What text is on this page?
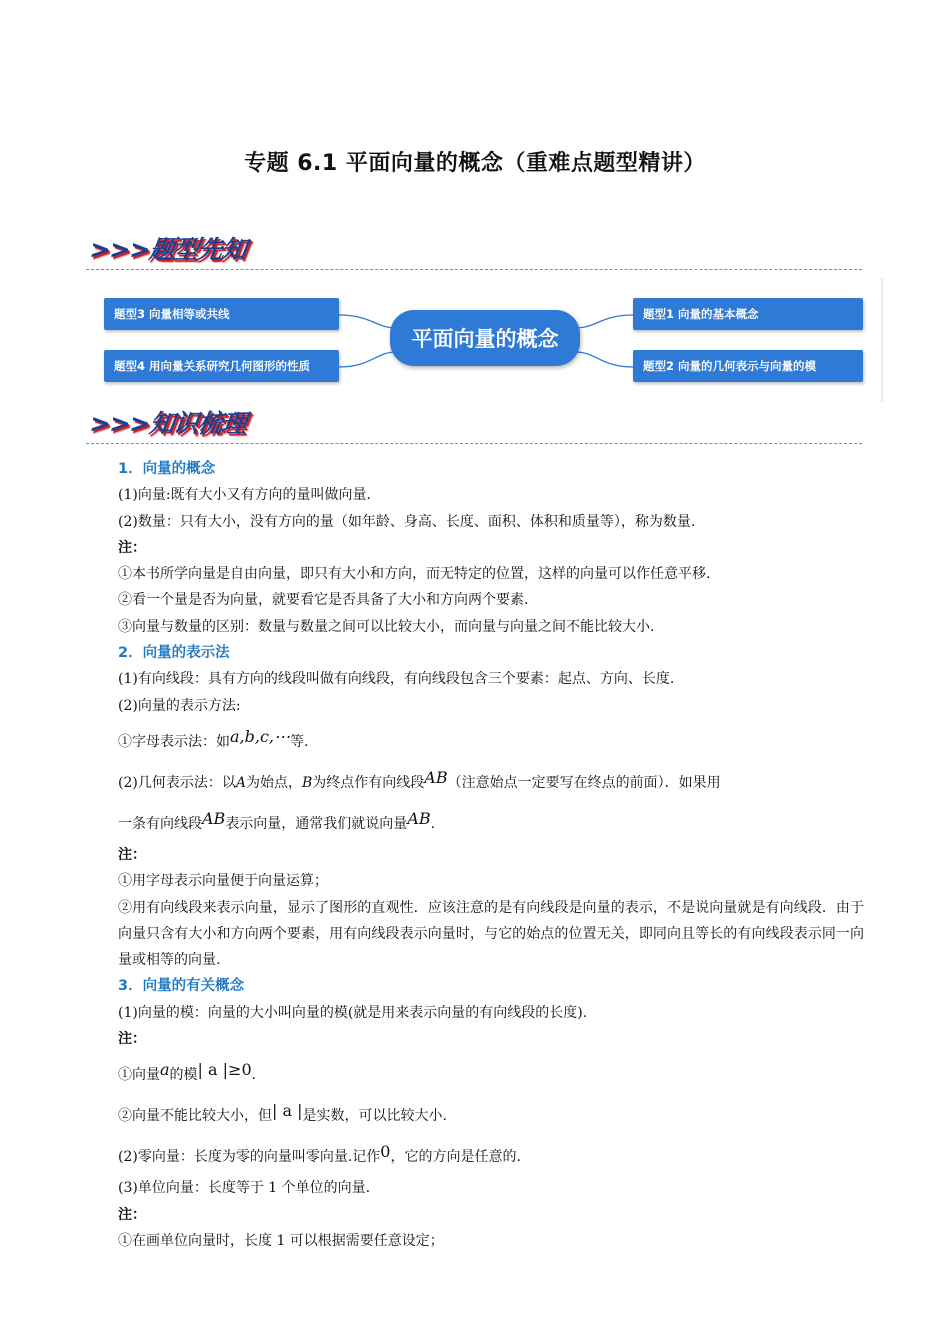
专题 6.1 平面向量的概念（重难点题型精讲）
>>>题型先知
题型3 向量相等或共线
题型4 用向量关系研究几何图形的性质
平面向量的概念
题型1 向量的基本概念
题型2 向量的几何表示与向量的模
>>>知识梳理

1．向量的概念

(1)向量:既有大小又有方向的量叫做向量.

(2)数量：只有大小，没有方向的量（如年龄、身高、长度、面积、体积和质量等），称为数量.

注：

①本书所学向量是自由向量，即只有大小和方向，而无特定的位置，这样的向量可以作任意平移.

②看一个量是否为向量，就要看它是否具备了大小和方向两个要素.

③向量与数量的区别：数量与数量之间可以比较大小，而向量与向量之间不能比较大小.

2．向量的表示法

(1)有向线段：具有方向的线段叫做有向线段，有向线段包含三个要素：起点、方向、长度.

(2)向量的表示方法:

①字母表示法：如a,b,c,⋯等.

(2)几何表示法：以A为始点，B为终点作有向线段AB（注意始点一定要写在终点的前面）．如果用

一条有向线段AB表示向量，通常我们就说向量AB.

注：

①用字母表示向量便于向量运算；

②用有向线段来表示向量，显示了图形的直观性．应该注意的是有向线段是向量的表示，不是说向量就是有向线段．由于向量只含有大小和方向两个要素，用有向线段表示向量时，与它的始点的位置无关，即同向且等长的有向线段表示同一向量或相等的向量.

3．向量的有关概念

(1)向量的模：向量的大小叫向量的模(就是用来表示向量的有向线段的长度).

注：

①向量a的模| a |≥0.

②向量不能比较大小，但| a |是实数，可以比较大小.

(2)零向量：长度为零的向量叫零向量.记作0，它的方向是任意的.

(3)单位向量：长度等于 1 个单位的向量.

注：

①在画单位向量时，长度 1 可以根据需要任意设定；
